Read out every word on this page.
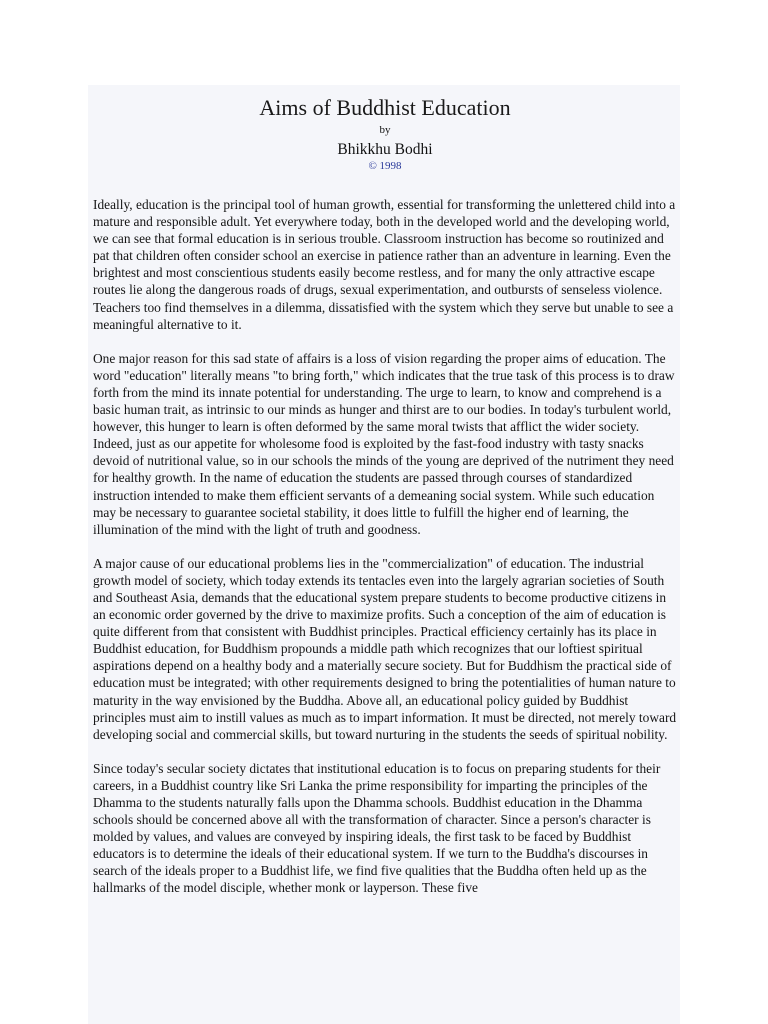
Aims of Buddhist Education
by
Bhikkhu Bodhi
© 1998

Ideally, education is the principal tool of human growth, essential for transforming the unlettered child into a mature and responsible adult. Yet everywhere today, both in the developed world and the developing world, we can see that formal education is in serious trouble. Classroom instruction has become so routinized and pat that children often consider school an exercise in patience rather than an adventure in learning. Even the brightest and most conscientious students easily become restless, and for many the only attractive escape routes lie along the dangerous roads of drugs, sexual experimentation, and outbursts of senseless violence. Teachers too find themselves in a dilemma, dissatisfied with the system which they serve but unable to see a meaningful alternative to it.

One major reason for this sad state of affairs is a loss of vision regarding the proper aims of education. The word "education" literally means "to bring forth," which indicates that the true task of this process is to draw forth from the mind its innate potential for understanding. The urge to learn, to know and comprehend is a basic human trait, as intrinsic to our minds as hunger and thirst are to our bodies. In today's turbulent world, however, this hunger to learn is often deformed by the same moral twists that afflict the wider society. Indeed, just as our appetite for wholesome food is exploited by the fast-food industry with tasty snacks devoid of nutritional value, so in our schools the minds of the young are deprived of the nutriment they need for healthy growth. In the name of education the students are passed through courses of standardized instruction intended to make them efficient servants of a demeaning social system. While such education may be necessary to guarantee societal stability, it does little to fulfill the higher end of learning, the illumination of the mind with the light of truth and goodness.

A major cause of our educational problems lies in the "commercialization" of education. The industrial growth model of society, which today extends its tentacles even into the largely agrarian societies of South and Southeast Asia, demands that the educational system prepare students to become productive citizens in an economic order governed by the drive to maximize profits. Such a conception of the aim of education is quite different from that consistent with Buddhist principles. Practical efficiency certainly has its place in Buddhist education, for Buddhism propounds a middle path which recognizes that our loftiest spiritual aspirations depend on a healthy body and a materially secure society. But for Buddhism the practical side of education must be integrated; with other requirements designed to bring the potentialities of human nature to maturity in the way envisioned by the Buddha. Above all, an educational policy guided by Buddhist principles must aim to instill values as much as to impart information. It must be directed, not merely toward developing social and commercial skills, but toward nurturing in the students the seeds of spiritual nobility.

Since today's secular society dictates that institutional education is to focus on preparing students for their careers, in a Buddhist country like Sri Lanka the prime responsibility for imparting the principles of the Dhamma to the students naturally falls upon the Dhamma schools. Buddhist education in the Dhamma schools should be concerned above all with the transformation of character. Since a person's character is molded by values, and values are conveyed by inspiring ideals, the first task to be faced by Buddhist educators is to determine the ideals of their educational system. If we turn to the Buddha's discourses in search of the ideals proper to a Buddhist life, we find five qualities that the Buddha often held up as the hallmarks of the model disciple, whether monk or layperson. These five
